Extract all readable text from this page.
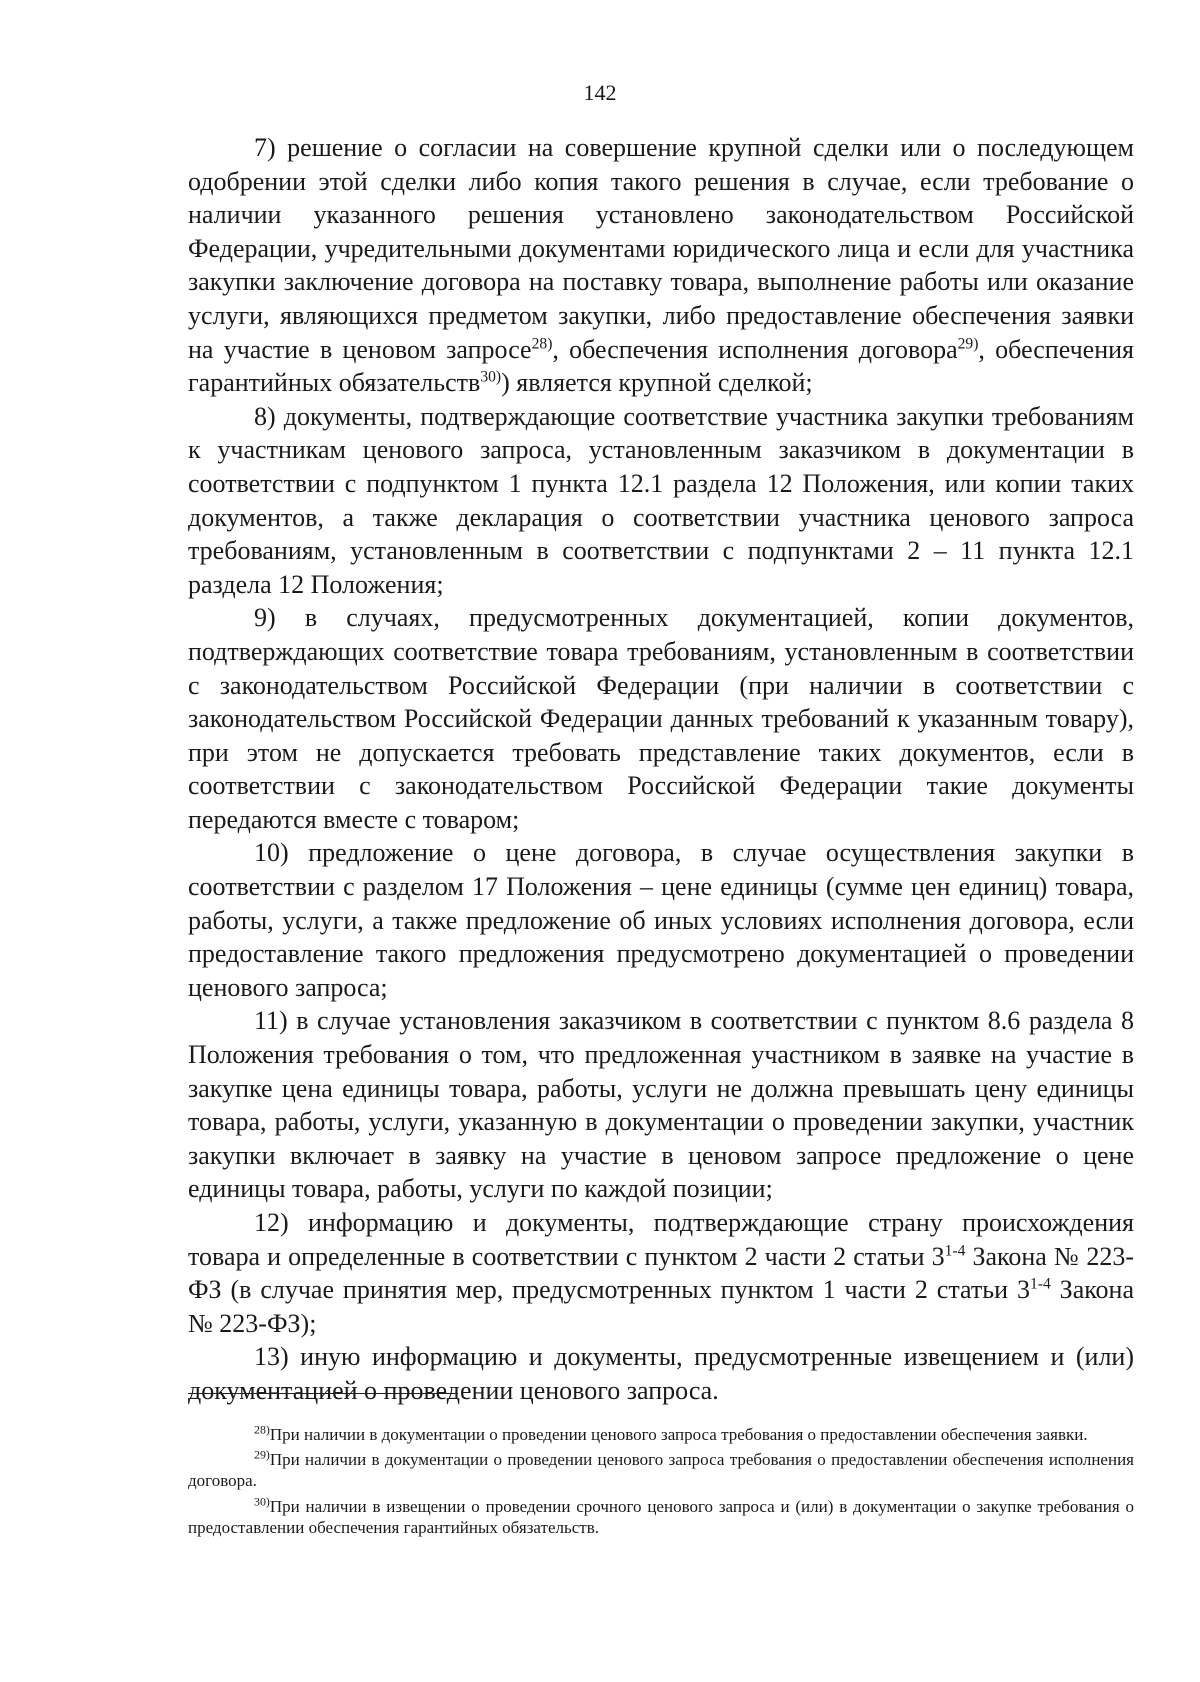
142

7) решение о согласии на совершение крупной сделки или о последующем одобрении этой сделки либо копия такого решения в случае, если требование о наличии указанного решения установлено законодательством Российской Федерации, учредительными документами юридического лица и если для участника закупки заключение договора на поставку товара, выполнение работы или оказание услуги, являющихся предметом закупки, либо предоставление обеспечения заявки на участие в ценовом запросе$^{28)}$, обеспечения исполнения договора$^{29)}$, обеспечения гарантийных обязательств$^{30)}$) является крупной сделкой;

8) документы, подтверждающие соответствие участника закупки требованиям к участникам ценового запроса, установленным заказчиком в документации в соответствии с подпунктом 1 пункта 12.1 раздела 12 Положения, или копии таких документов, а также декларация о соответствии участника ценового запроса требованиям, установленным в соответствии с подпунктами 2 – 11 пункта 12.1 раздела 12 Положения;

9) в случаях, предусмотренных документацией, копии документов, подтверждающих соответствие товара требованиям, установленным в соответствии с законодательством Российской Федерации (при наличии в соответствии с законодательством Российской Федерации данных требований к указанным товару), при этом не допускается требовать представление таких документов, если в соответствии с законодательством Российской Федерации такие документы передаются вместе с товаром;

10) предложение о цене договора, в случае осуществления закупки в соответствии с разделом 17 Положения – цене единицы (сумме цен единиц) товара, работы, услуги, а также предложение об иных условиях исполнения договора, если предоставление такого предложения предусмотрено документацией о проведении ценового запроса;

11) в случае установления заказчиком в соответствии с пунктом 8.6 раздела 8 Положения требования о том, что предложенная участником в заявке на участие в закупке цена единицы товара, работы, услуги не должна превышать цену единицы товара, работы, услуги, указанную в документации о проведении закупки, участник закупки включает в заявку на участие в ценовом запросе предложение о цене единицы товара, работы, услуги по каждой позиции;

12) информацию и документы, подтверждающие страну происхождения товара и определенные в соответствии с пунктом 2 части 2 статьи 3$^{1-4}$ Закона № 223-ФЗ (в случае принятия мер, предусмотренных пунктом 1 части 2 статьи 3$^{1-4}$ Закона № 223-ФЗ);

13) иную информацию и документы, предусмотренные извещением и (или) документацией о проведении ценового запроса.

$^{28)}$При наличии в документации о проведении ценового запроса требования о предоставлении обеспечения заявки.

$^{29)}$При наличии в документации о проведении ценового запроса требования о предоставлении обеспечения исполнения договора.

$^{30)}$При наличии в извещении о проведении срочного ценового запроса и (или) в документации о закупке требования о предоставлении обеспечения гарантийных обязательств.
